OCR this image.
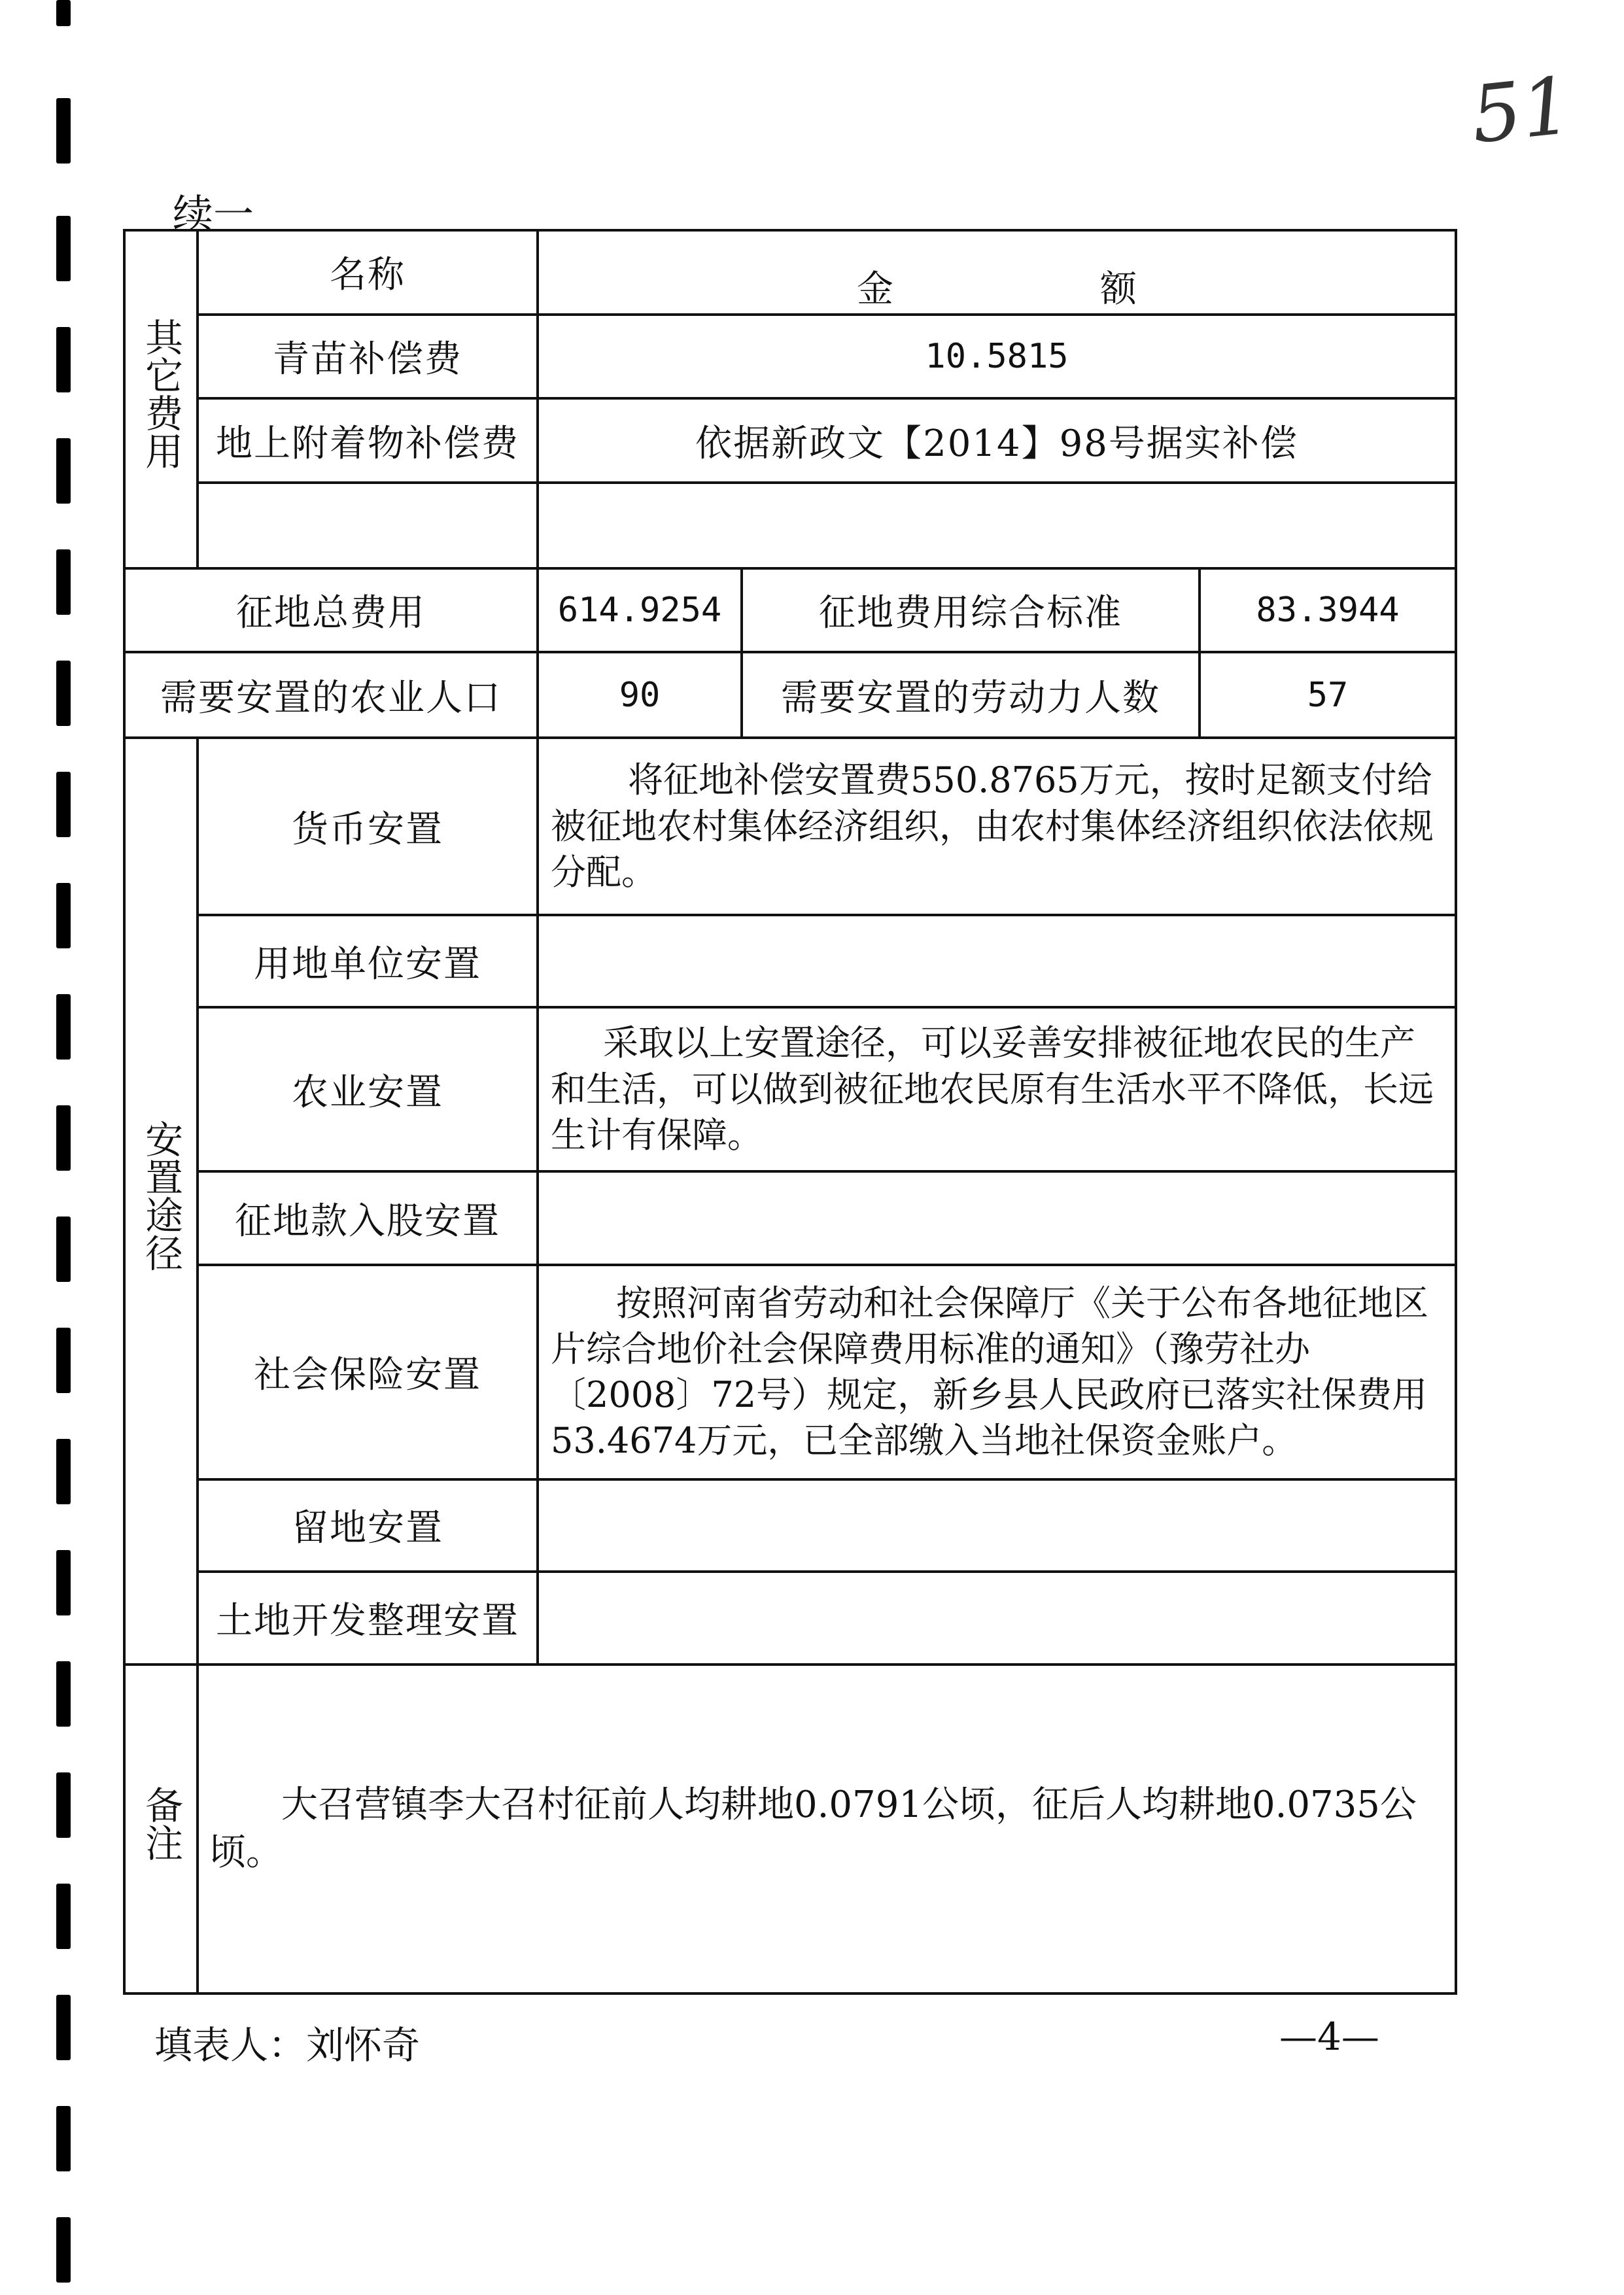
51
续一
其它费用	名称	金 额		
	青苗补偿费	10.5815		
	地上附着物补偿费	依据新政文【2014】98号据实补偿		

征地总费用		614.9254	征地费用综合标准	83.3944
需要安置的农业人口		90	需要安置的劳动力人数	57
安置途径	货币安置	将征地补偿安置费550.8765万元，按时足额支付给被征地农村集体经济组织，由农村集体经济组织依法依规分配。		
	用地单位安置			
	农业安置	采取以上安置途径，可以妥善安排被征地农民的生产和生活，可以做到被征地农民原有生活水平不降低，长远生计有保障。		
	征地款入股安置			
	社会保险安置	按照河南省劳动和社会保障厅《关于公布各地征地区片综合地价社会保障费用标准的通知》（豫劳社办〔2008〕72号）规定，新乡县人民政府已落实社保费用53.4674万元，已全部缴入当地社保资金账户。		
	留地安置			
	土地开发整理安置			
备注	大召营镇李大召村征前人均耕地0.0791公顷，征后人均耕地0.0735公顷。			
填表人：刘怀奇	—4—
